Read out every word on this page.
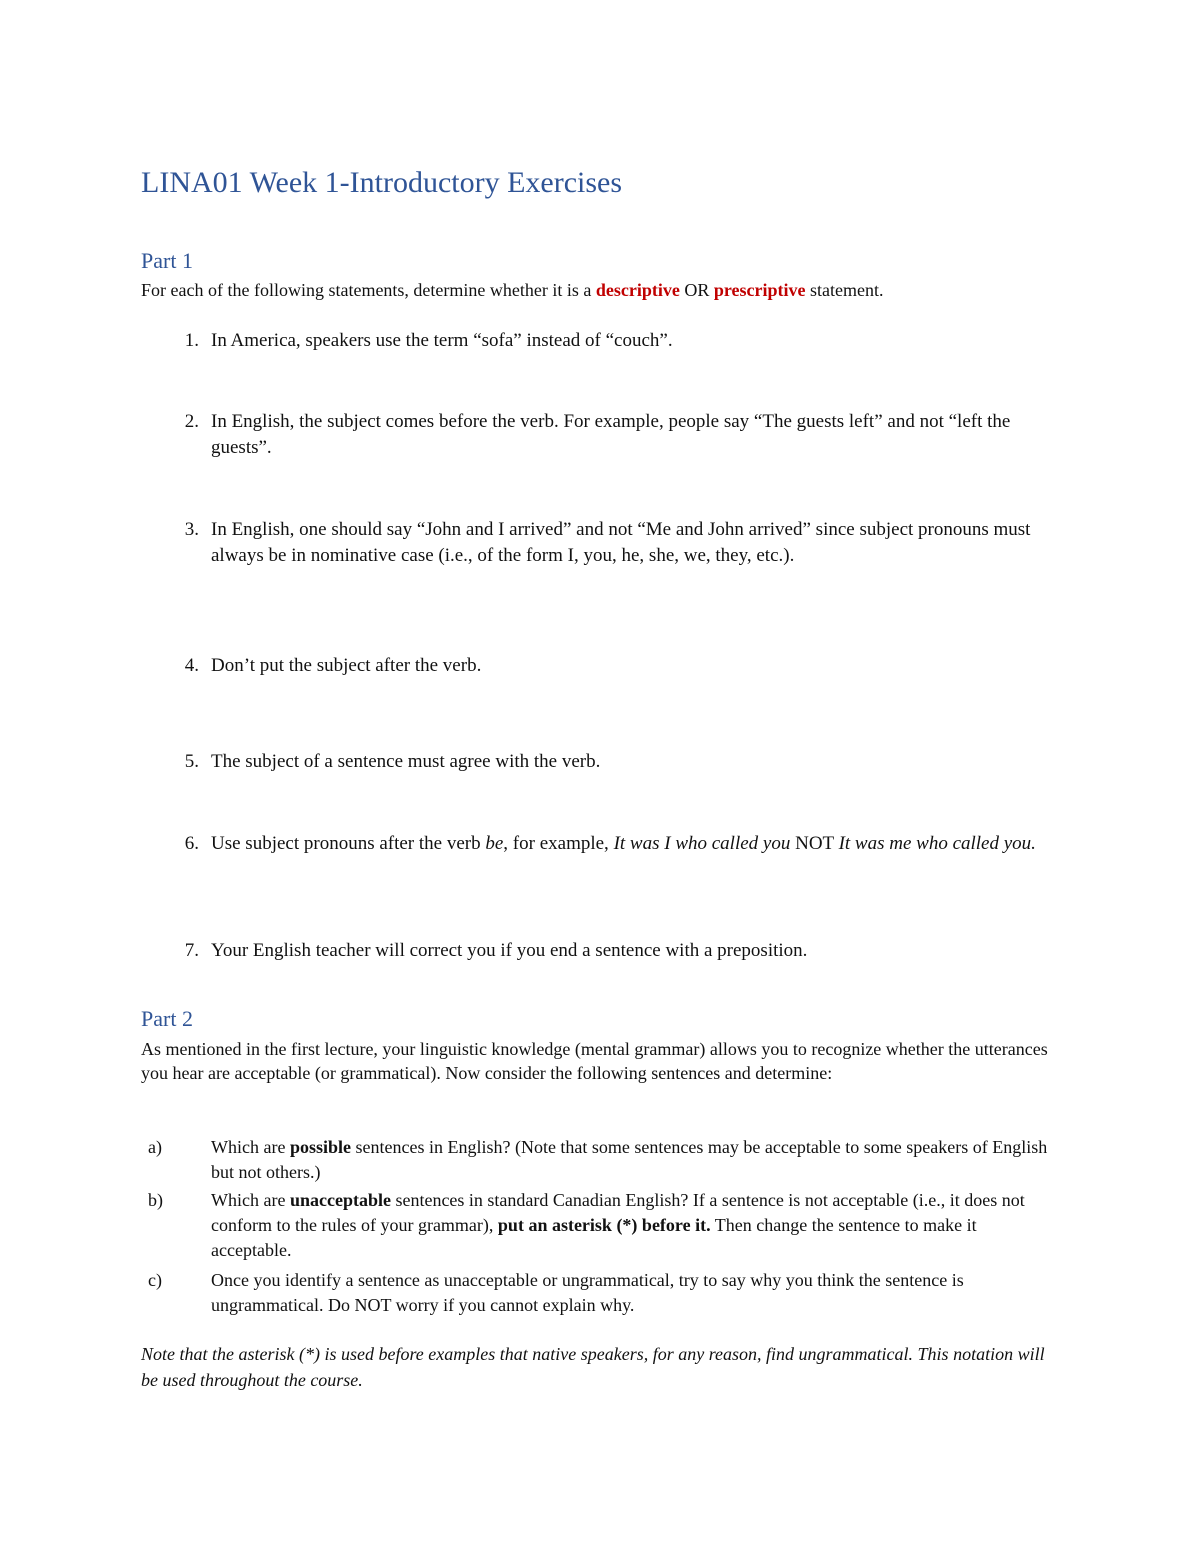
LINA01 Week 1-Introductory Exercises
Part 1

For each of the following statements, determine whether it is a descriptive OR prescriptive statement.

1. In America, speakers use the term “sofa” instead of “couch”.
2. In English, the subject comes before the verb. For example, people say “The guests left” and not “left the guests”.
3. In English, one should say “John and I arrived” and not “Me and John arrived” since subject pronouns must always be in nominative case (i.e., of the form I, you, he, she, we, they, etc.).
4. Don’t put the subject after the verb.
5. The subject of a sentence must agree with the verb.
6. Use subject pronouns after the verb be, for example, It was I who called you NOT It was me who called you.
7. Your English teacher will correct you if you end a sentence with a preposition.
Part 2

As mentioned in the first lecture, your linguistic knowledge (mental grammar) allows you to recognize whether the utterances you hear are acceptable (or grammatical). Now consider the following sentences and determine:

a)	Which are possible sentences in English? (Note that some sentences may be acceptable to some speakers of English but not others.)
b)	Which are unacceptable sentences in standard Canadian English? If a sentence is not acceptable (i.e., it does not conform to the rules of your grammar), put an asterisk (*) before it. Then change the sentence to make it acceptable.
c)	Once you identify a sentence as unacceptable or ungrammatical, try to say why you think the sentence is ungrammatical. Do NOT worry if you cannot explain why.

Note that the asterisk (*) is used before examples that native speakers, for any reason, find ungrammatical. This notation will be used throughout the course.
